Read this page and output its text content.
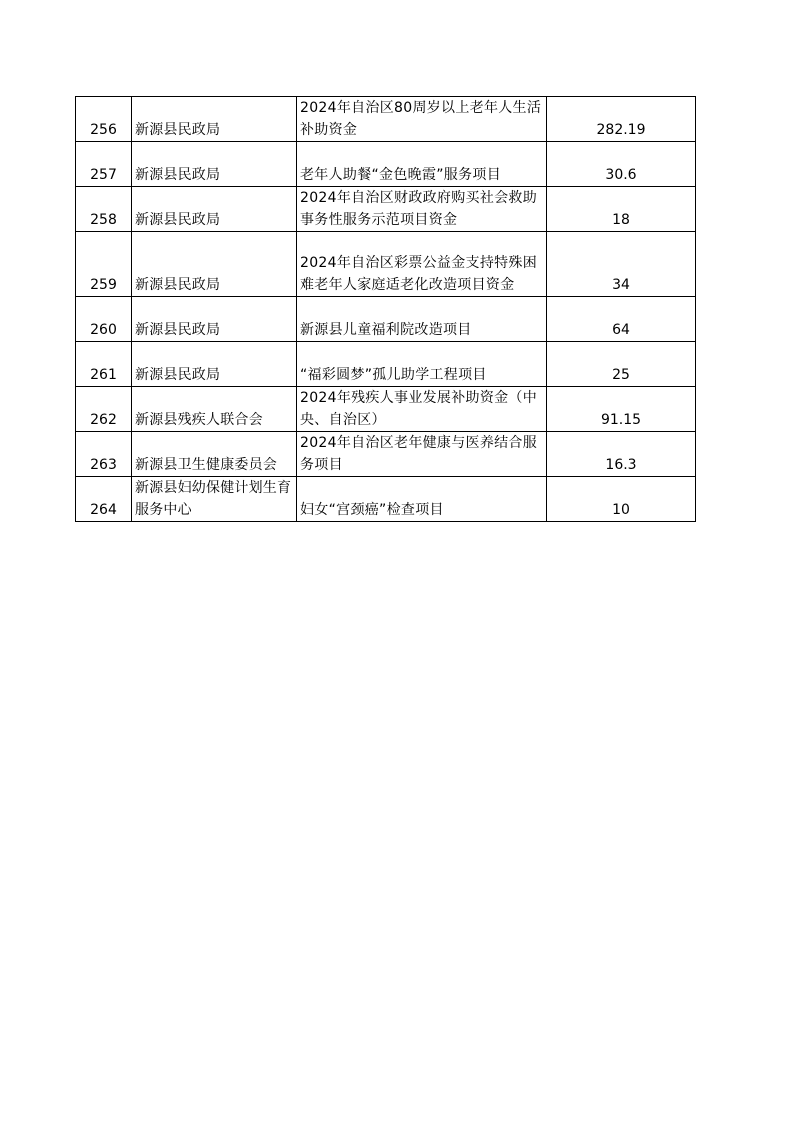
256	新源县民政局	2024年自治区80周岁以上老年人生活补助资金	282.19
257	新源县民政局	老年人助餐“金色晚霞”服务项目	30.6
258	新源县民政局	2024年自治区财政政府购买社会救助事务性服务示范项目资金	18
259	新源县民政局	2024年自治区彩票公益金支持特殊困难老年人家庭适老化改造项目资金	34
260	新源县民政局	新源县儿童福利院改造项目	64
261	新源县民政局	“福彩圆梦”孤儿助学工程项目	25
262	新源县残疾人联合会	2024年残疾人事业发展补助资金（中央、自治区）	91.15
263	新源县卫生健康委员会	2024年自治区老年健康与医养结合服务项目	16.3
264	新源县妇幼保健计划生育服务中心	妇女“宫颈癌”检查项目	10
